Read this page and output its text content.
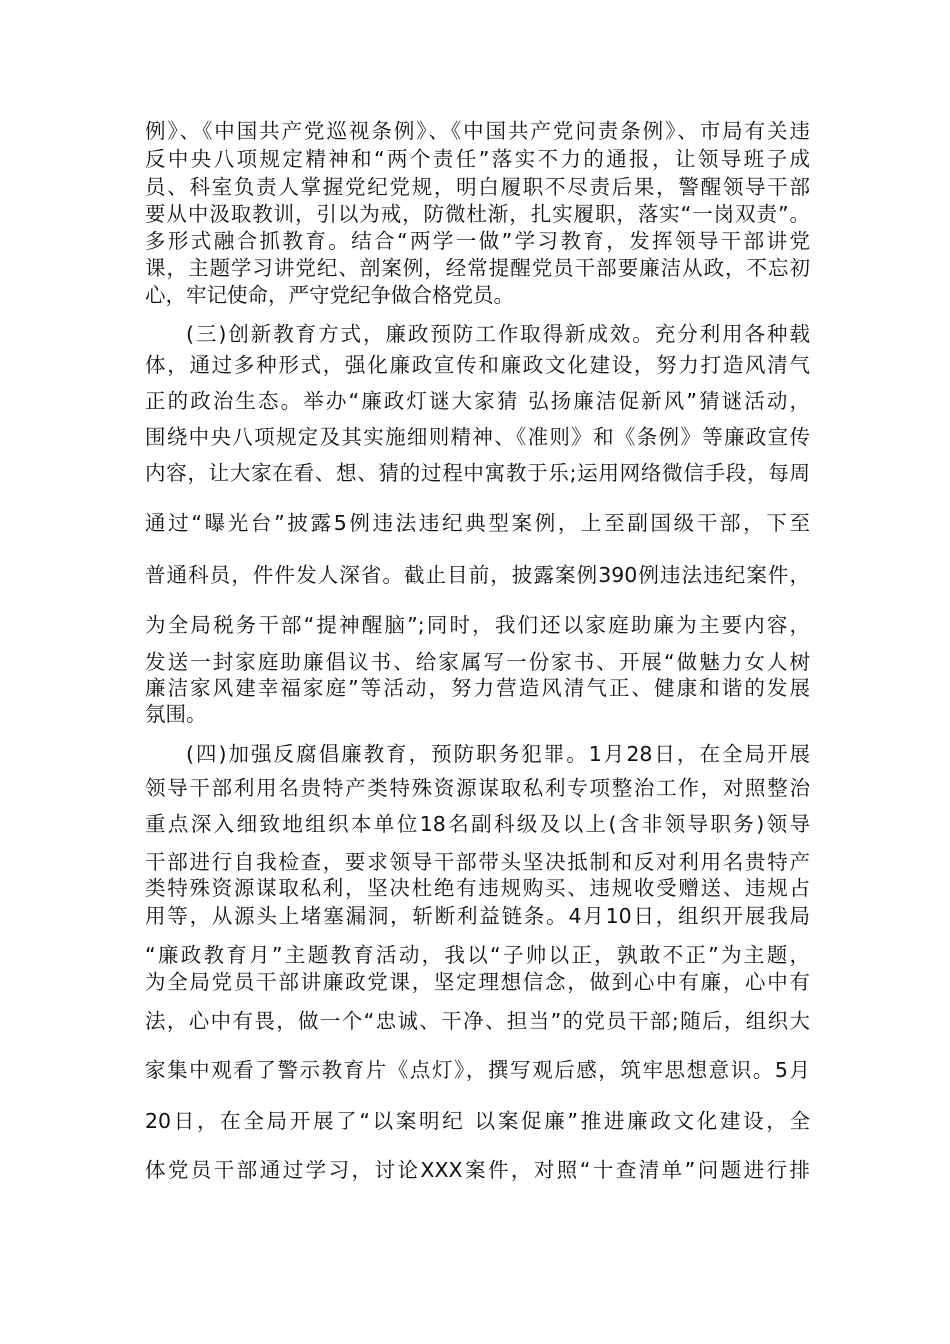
例》、《中国共产党巡视条例》、《中国共产党问责条例》、市局有关违
反中央八项规定精神和“两个责任”落实不力的通报，让领导班子成
员、科室负责人掌握党纪党规，明白履职不尽责后果，警醒领导干部
要从中汲取教训，引以为戒，防微杜渐，扎实履职，落实“一岗双责”。
多形式融合抓教育。结合“两学一做”学习教育，发挥领导干部讲党
课，主题学习讲党纪、剖案例，经常提醒党员干部要廉洁从政，不忘初
心，牢记使命，严守党纪争做合格党员。
(三)创新教育方式，廉政预防工作取得新成效。充分利用各种载
体，通过多种形式，强化廉政宣传和廉政文化建设，努力打造风清气
正的政治生态。举办“廉政灯谜大家猜 弘扬廉洁促新风”猜谜活动，
围绕中央八项规定及其实施细则精神、《准则》和《条例》等廉政宣传
内容，让大家在看、想、猜的过程中寓教于乐;运用网络微信手段，每周
通过“曝光台”披露5例违法违纪典型案例，上至副国级干部，下至
普通科员，件件发人深省。截止目前，披露案例390例违法违纪案件，
为全局税务干部“提神醒脑”;同时，我们还以家庭助廉为主要内容，
发送一封家庭助廉倡议书、给家属写一份家书、开展“做魅力女人树
廉洁家风建幸福家庭”等活动，努力营造风清气正、健康和谐的发展
氛围。
(四)加强反腐倡廉教育，预防职务犯罪。1月28日，在全局开展
领导干部利用名贵特产类特殊资源谋取私利专项整治工作，对照整治
重点深入细致地组织本单位18名副科级及以上(含非领导职务)领导
干部进行自我检查，要求领导干部带头坚决抵制和反对利用名贵特产
类特殊资源谋取私利，坚决杜绝有违规购买、违规收受赠送、违规占
用等，从源头上堵塞漏洞，斩断利益链条。4月10日，组织开展我局
“廉政教育月”主题教育活动，我以“子帅以正，孰敢不正”为主题，
为全局党员干部讲廉政党课，坚定理想信念，做到心中有廉，心中有
法，心中有畏，做一个“忠诚、干净、担当”的党员干部;随后，组织大
家集中观看了警示教育片《点灯》，撰写观后感，筑牢思想意识。5月
20日，在全局开展了“以案明纪 以案促廉”推进廉政文化建设，全
体党员干部通过学习，讨论XXX案件，对照“十查清单”问题进行排
